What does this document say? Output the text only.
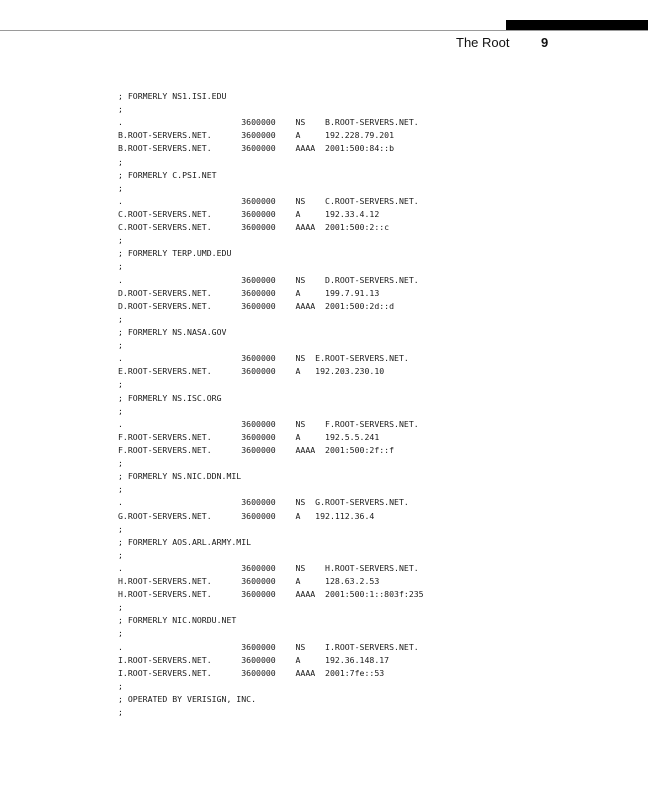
The Root 9
; FORMERLY NS1.ISI.EDU
;
.                        3600000    NS    B.ROOT-SERVERS.NET.
B.ROOT-SERVERS.NET.      3600000    A     192.228.79.201
B.ROOT-SERVERS.NET.      3600000    AAAA  2001:500:84::b
;
; FORMERLY C.PSI.NET
;
.                        3600000    NS    C.ROOT-SERVERS.NET.
C.ROOT-SERVERS.NET.      3600000    A     192.33.4.12
C.ROOT-SERVERS.NET.      3600000    AAAA  2001:500:2::c
;
; FORMERLY TERP.UMD.EDU
;
.                        3600000    NS    D.ROOT-SERVERS.NET.
D.ROOT-SERVERS.NET.      3600000    A     199.7.91.13
D.ROOT-SERVERS.NET.      3600000    AAAA  2001:500:2d::d
;
; FORMERLY NS.NASA.GOV
;
.                        3600000    NS  E.ROOT-SERVERS.NET.
E.ROOT-SERVERS.NET.      3600000    A   192.203.230.10
;
; FORMERLY NS.ISC.ORG
;
.                        3600000    NS    F.ROOT-SERVERS.NET.
F.ROOT-SERVERS.NET.      3600000    A     192.5.5.241
F.ROOT-SERVERS.NET.      3600000    AAAA  2001:500:2f::f
;
; FORMERLY NS.NIC.DDN.MIL
;
.                        3600000    NS  G.ROOT-SERVERS.NET.
G.ROOT-SERVERS.NET.      3600000    A   192.112.36.4
;
; FORMERLY AOS.ARL.ARMY.MIL
;
.                        3600000    NS    H.ROOT-SERVERS.NET.
H.ROOT-SERVERS.NET.      3600000    A     128.63.2.53
H.ROOT-SERVERS.NET.      3600000    AAAA  2001:500:1::803f:235
;
; FORMERLY NIC.NORDU.NET
;
.                        3600000    NS    I.ROOT-SERVERS.NET.
I.ROOT-SERVERS.NET.      3600000    A     192.36.148.17
I.ROOT-SERVERS.NET.      3600000    AAAA  2001:7fe::53
;
; OPERATED BY VERISIGN, INC.
;
